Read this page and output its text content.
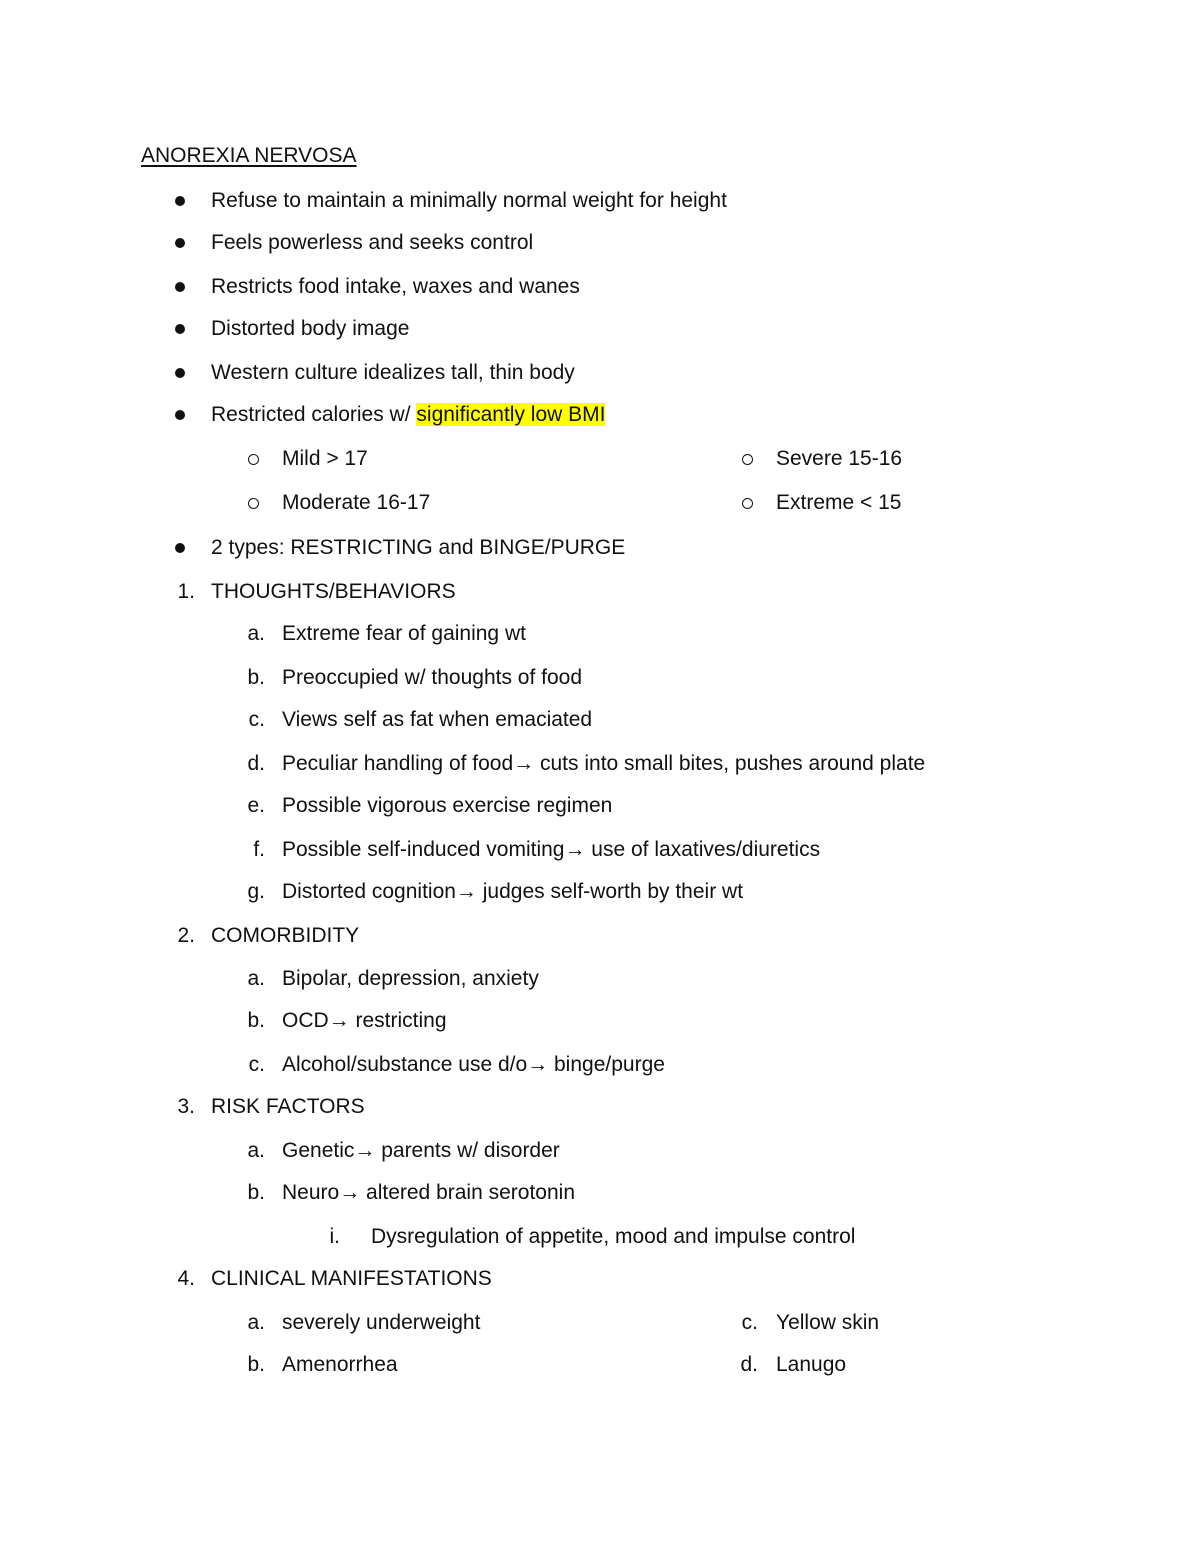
ANOREXIA NERVOSA
Refuse to maintain a minimally normal weight for height
Feels powerless and seeks control
Restricts food intake, waxes and wanes
Distorted body image
Western culture idealizes tall, thin body
Restricted calories w/ significantly low BMI
Mild > 17
Moderate 16-17
Severe 15-16
Extreme < 15
2 types: RESTRICTING and BINGE/PURGE
1. THOUGHTS/BEHAVIORS
a. Extreme fear of gaining wt
b. Preoccupied w/ thoughts of food
c. Views self as fat when emaciated
d. Peculiar handling of food→ cuts into small bites, pushes around plate
e. Possible vigorous exercise regimen
f. Possible self-induced vomiting→ use of laxatives/diuretics
g. Distorted cognition→ judges self-worth by their wt
2. COMORBIDITY
a. Bipolar, depression, anxiety
b. OCD→ restricting
c. Alcohol/substance use d/o→ binge/purge
3. RISK FACTORS
a. Genetic→ parents w/ disorder
b. Neuro→ altered brain serotonin
i. Dysregulation of appetite, mood and impulse control
4. CLINICAL MANIFESTATIONS
a. severely underweight
b. Amenorrhea
c. Yellow skin
d. Lanugo
